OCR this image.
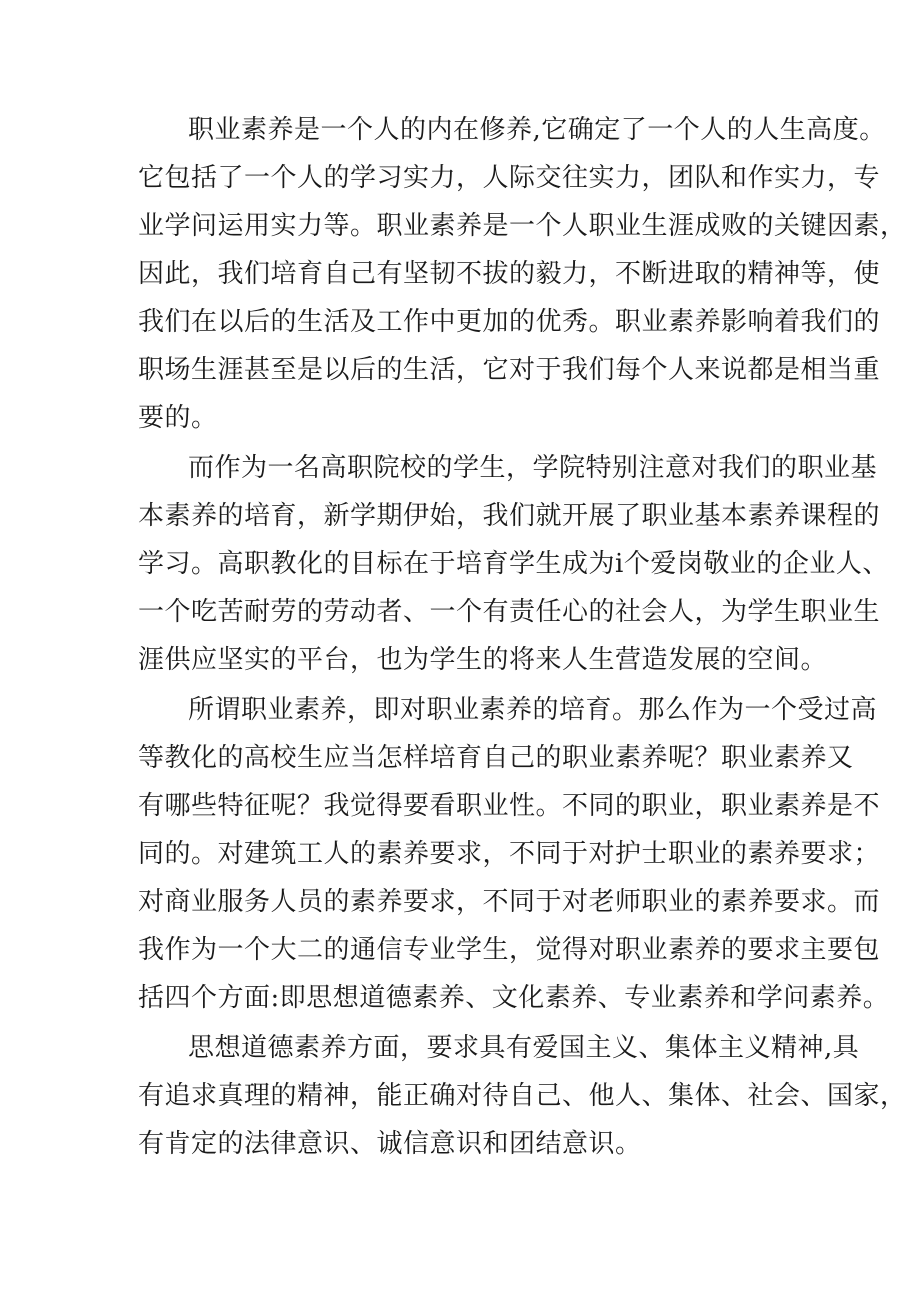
职业素养是一个人的内在修养,它确定了一个人的人生高度。
它包括了一个人的学习实力，人际交往实力，团队和作实力，专
业学问运用实力等。职业素养是一个人职业生涯成败的关键因素，
因此，我们培育自己有坚韧不拔的毅力，不断进取的精神等，使
我们在以后的生活及工作中更加的优秀。职业素养影响着我们的
职场生涯甚至是以后的生活，它对于我们每个人来说都是相当重
要的。
而作为一名高职院校的学生，学院特别注意对我们的职业基
本素养的培育，新学期伊始，我们就开展了职业基本素养课程的
学习。高职教化的目标在于培育学生成为i个爱岗敬业的企业人、
一个吃苦耐劳的劳动者、一个有责任心的社会人，为学生职业生
涯供应坚实的平台，也为学生的将来人生营造发展的空间。
所谓职业素养，即对职业素养的培育。那么作为一个受过高
等教化的高校生应当怎样培育自己的职业素养呢？职业素养又
有哪些特征呢？我觉得要看职业性。不同的职业，职业素养是不
同的。对建筑工人的素养要求，不同于对护士职业的素养要求；
对商业服务人员的素养要求，不同于对老师职业的素养要求。而
我作为一个大二的通信专业学生，觉得对职业素养的要求主要包
括四个方面:即思想道德素养、文化素养、专业素养和学问素养。
思想道德素养方面，要求具有爱国主义、集体主义精神,具
有追求真理的精神，能正确对待自己、他人、集体、社会、国家，
有肯定的法律意识、诚信意识和团结意识。
